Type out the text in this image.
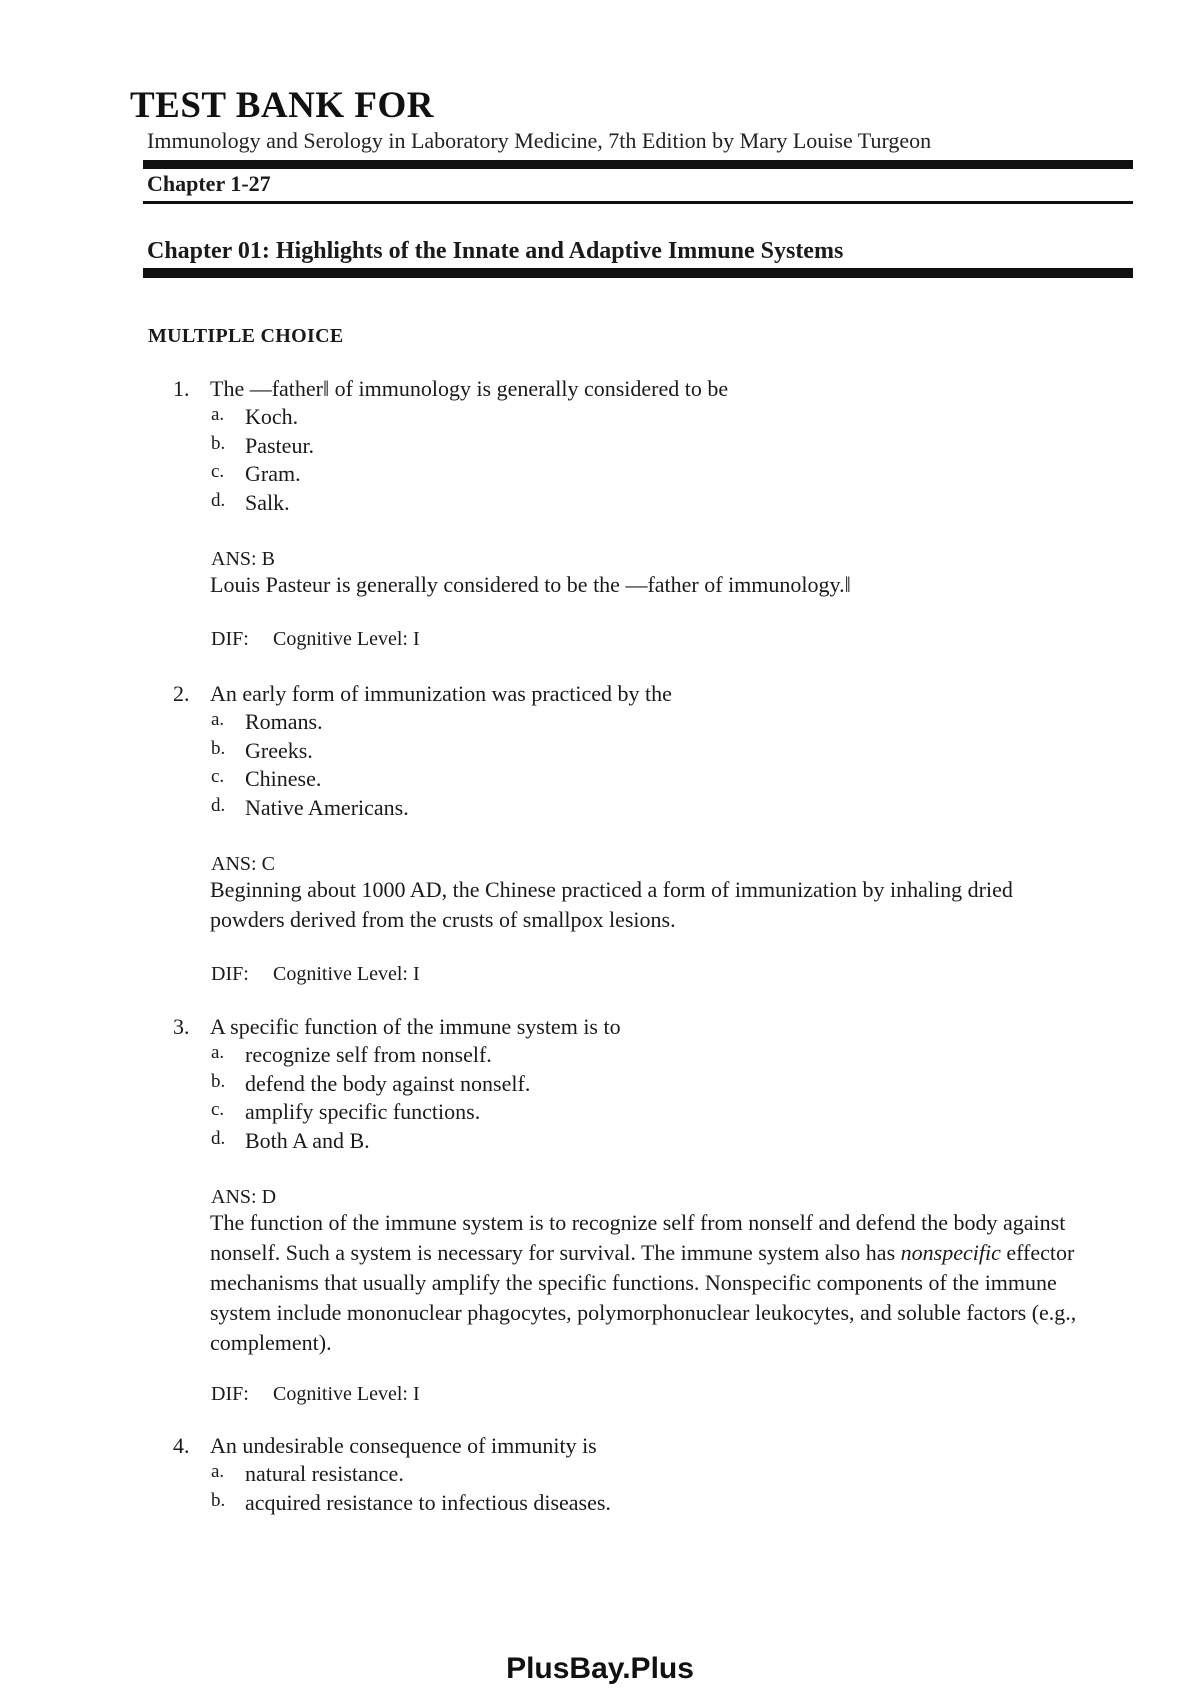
TEST BANK FOR
Immunology and Serology in Laboratory Medicine, 7th Edition by Mary Louise Turgeon
Chapter 1-27
Chapter 01: Highlights of the Innate and Adaptive Immune Systems
MULTIPLE CHOICE
1. The —father‖ of immunology is generally considered to be
a. Koch.
b. Pasteur.
c. Gram.
d. Salk.
ANS: B
Louis Pasteur is generally considered to be the —father of immunology.‖
DIF: Cognitive Level: I
2. An early form of immunization was practiced by the
a. Romans.
b. Greeks.
c. Chinese.
d. Native Americans.
ANS: C
Beginning about 1000 AD, the Chinese practiced a form of immunization by inhaling dried powders derived from the crusts of smallpox lesions.
DIF: Cognitive Level: I
3. A specific function of the immune system is to
a. recognize self from nonself.
b. defend the body against nonself.
c. amplify specific functions.
d. Both A and B.
ANS: D
The function of the immune system is to recognize self from nonself and defend the body against nonself. Such a system is necessary for survival. The immune system also has nonspecific effector mechanisms that usually amplify the specific functions. Nonspecific components of the immune system include mononuclear phagocytes, polymorphonuclear leukocytes, and soluble factors (e.g., complement).
DIF: Cognitive Level: I
4. An undesirable consequence of immunity is
a. natural resistance.
b. acquired resistance to infectious diseases.
PlusBay.Plus
